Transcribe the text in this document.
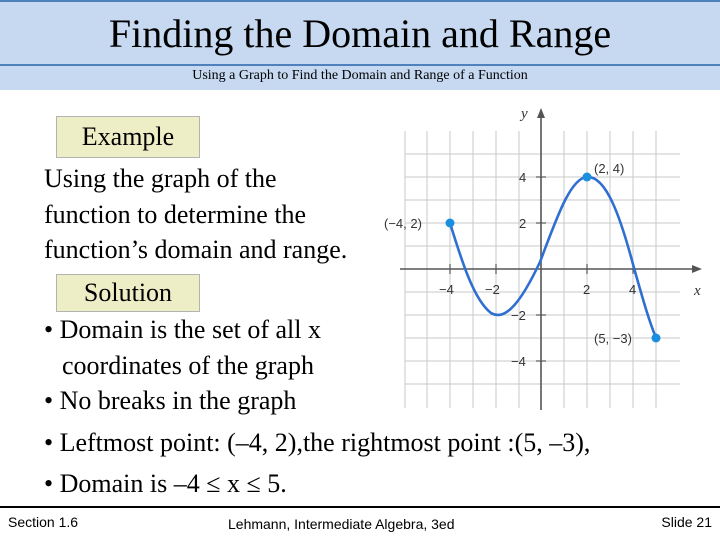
Finding the Domain and Range
Using a Graph to Find the Domain and Range of a Function
x
y
−4 −2	2	4
4
2
−2
−4
(−4, 2)
(2, 4)
(5, −3)
Example
Using the graph of the
function to determine the
function’s domain and range.
Solution
• Domain is the set of all x
coordinates of the graph
• No breaks in the graph
• Leftmost point: (–4, 2),the rightmost point :(5, –3),
• Domain is –4 ≤ x ≤ 5.
Section 1.6	Lehmann, Intermediate Algebra, 3ed	Slide 21
